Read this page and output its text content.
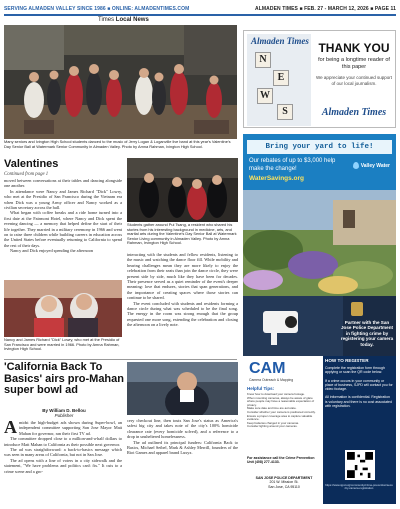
SERVING ALMADEN VALLEY SINCE 1986 ■ ONLINE: ALMADENTIMES.COM	ALMADEN TIMES ■ FEB. 27 - MARCH 12, 2026 ■ PAGE 11
Times Local News
Many seniors and Ivington High School students danced to the music of Jerry Logan & Loganville live band at this year's Valentine's Day Senior Ball at Watermark Senior Community in Almaden Valley. Photo by Amna Rahman, Ivington High School.
Valentines
Continued from page 1

moved between conversations at their tables and dancing alongside one another.

In attendance were Nancy and James Richard "Dick" Lowry, who met at the Presidio of San Francisco during the Vietnam era when Dick was a young Army officer and Nancy worked as a civilian secretary across the hall.

What began with coffee breaks and a ride home turned into a first date at the Fairmont Hotel, where Nancy and Dick spent the evening dancing — a memory that helped define the start of their life together. They married in a military ceremony in 1966 and went on to raise three children while building careers in education across the United States before eventually returning to California to spend the rest of their days.

Nancy and Dick enjoyed spending the afternoon

Nancy and James Richard "Dick" Lowry, who met at the Presidio of San Francisco and were married in 1966. Photo by Amna Rahman, Irvington High School.
Students gather around Pui Tsang, a resident who shared his stories from his interesting background in medicine, arts, and martial arts during the Valentine's Day Senior Ball at Watermark Senior Living community in Almaden Valley. Photo by Amna Rahman, Irvington High School.

interacting with the students and fellow residents, listening to the music and watching the dance floor fill. While mobility and hearing challenges mean they are more likely to enjoy the celebration from their seats than join the dance circle, they were present side by side, much like they have been for decades. Their presence served as a quiet reminder of the event's deeper meaning: love that endures, stories that span generations, and the importance of creating spaces where those stories can continue to be shared.

The event concluded with students and residents forming a dance circle during what was scheduled to be the final song. The energy in the room was strong enough that the group requested one more song, extending the celebration and closing the afternoon on a lively note.

'California Back To Basics' airs pro-Mahan super bowl ad
By William D. Bellou
Publisher

Amidst the high-budget ads shown during Super-bowl, an independent committee supporting San Jose Mayor Matt Mahan for governor, ran their first TV ad.

The committee dropped close to a million-and-a-half dollars to introduce Matt Mahan to California as their possible next governor.

The ad was straightforward: a back-to-basics message which was seen in many areas of California, but not in San Jose.

The ad opens with a line of voters in a city sidewalk and the statement, "We have problems and politics can't fix." It cuts to a crime scene and a gro-

cery checkout line, then touts San Jose's status as America's safest big city and takes note of the city's 100% homicide clearance rate (every homicide solved), and a reference to a drop in unsheltered homelessness.

The ad outlined its principal funders: California Back to Basics, Michael Seibel, Mark & Ashley Merrill, founders of the Riot Games and apparel brand Luxyx.

Almaden Times
N
E
W
S
THANK YOU
for being a longtime reader of this paper
We appreciate your continued support of our local journalism.
Almaden Times
Bring your yard to life!
Our rebates of up to $3,000 help make the change!
WaterSavings.org
Valley Water
Partner with the San Jose Police Department in fighting crime by registering your camera today.
CAM
Camera Outreach & Mapping
Helpful Tips:
Know how to download your camera footage.
When mounting cameras, always be aware of glare where people may have a reasonable expectation of privacy.
Make sure date and time are accurate.
Consider whether your camera is positioned correctly.
Ensure a proper coverage area to capture valuable evidence.
Keep batteries charged in your cameras.
Consider lighting around your cameras.
For assistance call the Crime Prevention Unit (408) 277-4133.
SAN JOSE POLICE DEPARTMENT
201 W. Mission St.
San Jose, CA 95110
HOW TO REGISTER
Complete the registration form through applying or scan the QR code below.
If a crime occurs in your community or place of business, SJPD will contact you for video footage.
All information is confidential. Registration is voluntary and there is no cost associated with registration.
https://www.sjpd.org/community/crime-prevention/security-camera-registration
